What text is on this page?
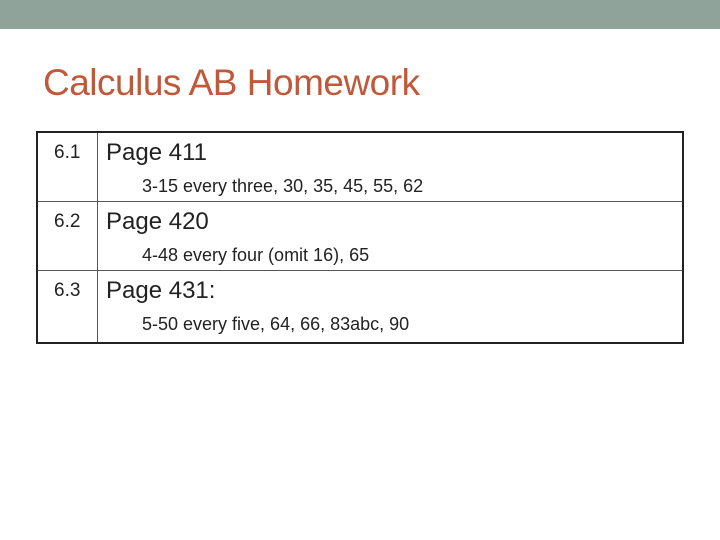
Calculus AB Homework
6.1	Page 411
3-15 every three, 30, 35, 45, 55, 62
6.2	Page 420
4-48 every four (omit 16), 65
6.3	Page 431:
5-50 every five, 64, 66, 83abc, 90
